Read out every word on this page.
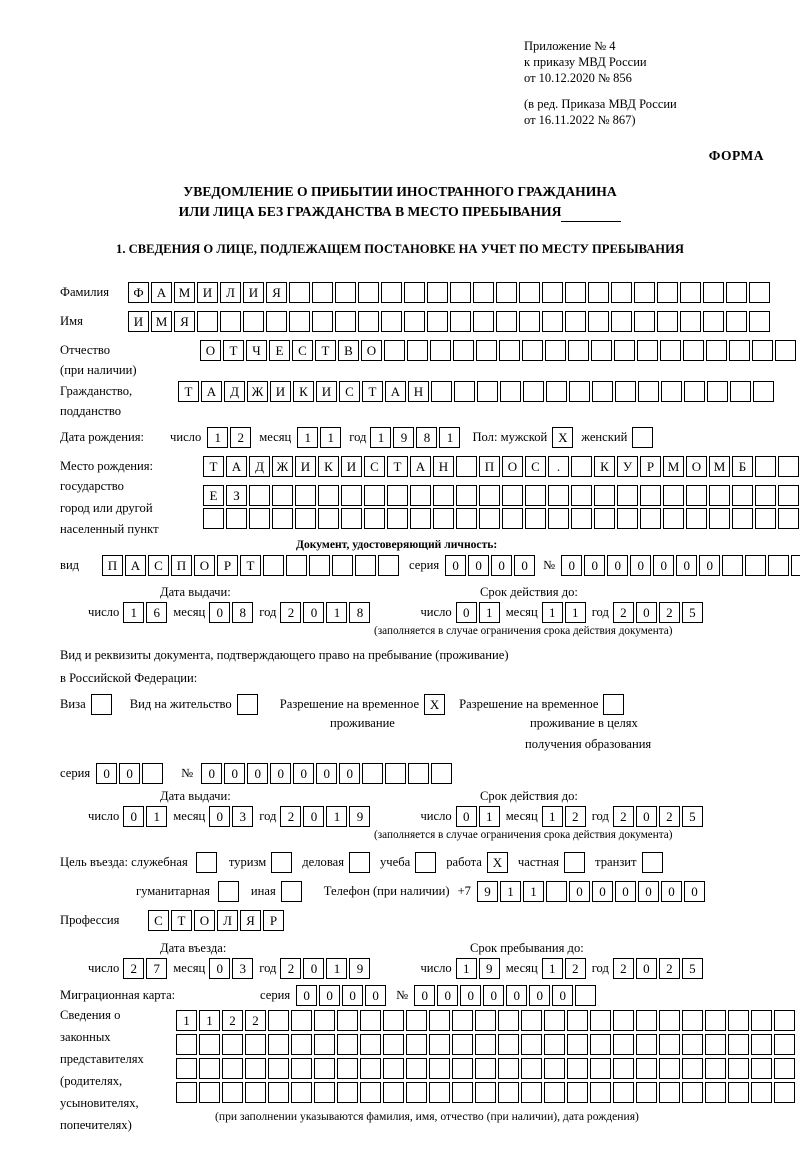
Приложение № 4
к приказу МВД России
от 10.12.2020 № 856
(в ред. Приказа МВД России
от 16.11.2022 № 867)
ФОРМА
УВЕДОМЛЕНИЕ О ПРИБЫТИИ ИНОСТРАННОГО ГРАЖДАНИНА
ИЛИ ЛИЦА БЕЗ ГРАЖДАНСТВА В МЕСТО ПРЕБЫВАНИЯ
1. СВЕДЕНИЯ О ЛИЦЕ, ПОДЛЕЖАЩЕМ ПОСТАНОВКЕ НА УЧЕТ ПО МЕСТУ ПРЕБЫВАНИЯ
Фамилия	Ф	А М И	Л	И	Я
Имя	И М Я
Отчество	О	Т	Ч	Е	С	Т	В	О
(при наличии)
Гражданство,	Т	А	Д Ж И	К	И	С	Т	А	Н
подданство
Дата рождения:	число	1	2	месяц	1	1	год 1	9	8	1	Пол: мужской Х	женский
Место рождения:	Т	А	Д Ж И	К	И	С	Т	А	Н	П	О	С	.	К	У	Р	М О М	Б
государство
Е	З
город или другой
населенный пункт
Документ, удостоверяющий личность:
вид	П	А	С	П	О	Р	Т	серия	0	0	0	0	№	0	0	0	0	0	0	0
Дата выдачи:	Срок действия до:
число 1	6	месяц 0	8	год 2	0	1	8	число 0	1	месяц 1	1	год 2	0	2	5
(заполняется в случае ограничения срока действия документа)
Вид и реквизиты документа, подтверждающего право на пребывание (проживание)
в Российской Федерации:
Виза	Вид на жительство	Разрешение на временное Х	Разрешение на временное
проживание	проживание в целях
получения образования
серия	0	0	№	0	0	0	0	0	0	0
Дата выдачи:	Срок действия до:
число 0	1	месяц 0	3	год 2	0	1	9	число 0	1	месяц 1	2	год 2	0	2	5
(заполняется в случае ограничения срока действия документа)
Цель въезда: служебная	туризм	деловая	учеба	работа Х	частная	транзит
гуманитарная	иная	Телефон (при наличии) +7	9	1	1	0	0	0	0	0	0
Профессия	С	Т	О	Л	Я	Р
Дата въезда:	Срок пребывания до:
число 2	7	месяц 0	3	год 2	0	1	9	число 1	9	месяц 1	2	год 2	0	2	5
Миграционная карта:	серия	0	0	0	0	№	0	0	0	0	0	0	0
Сведения о
законных
представителях
(родителях,
усыновителях,
попечителях)
1	1	2	2
(при заполнении указываются фамилия, имя, отчество (при наличии), дата рождения)
